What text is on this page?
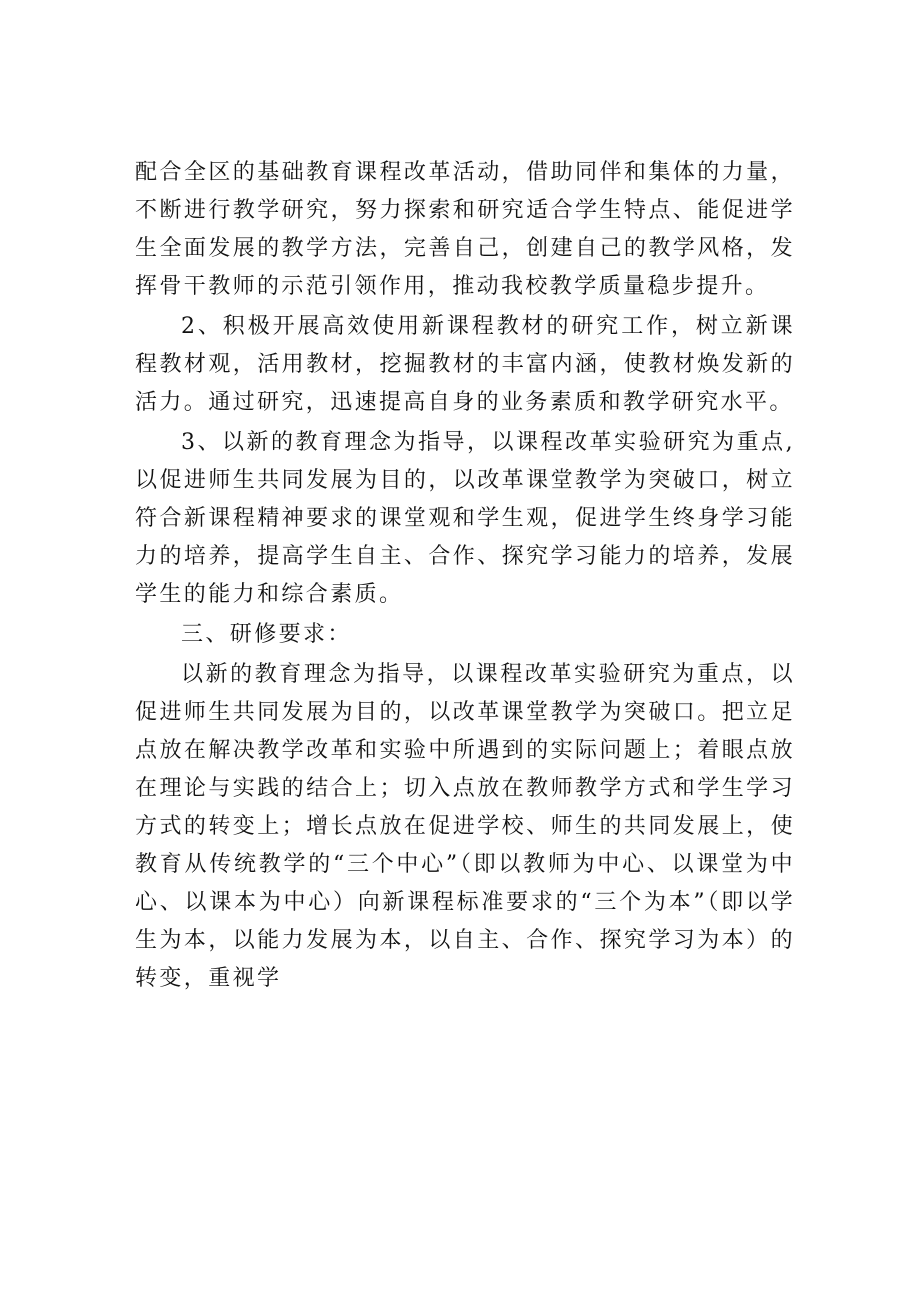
配合全区的基础教育课程改革活动，借助同伴和集体的力量，不断进行教学研究，努力探索和研究适合学生特点、能促进学生全面发展的教学方法，完善自己，创建自己的教学风格，发挥骨干教师的示范引领作用，推动我校教学质量稳步提升。

2、积极开展高效使用新课程教材的研究工作，树立新课程教材观，活用教材，挖掘教材的丰富内涵，使教材焕发新的活力。通过研究，迅速提高自身的业务素质和教学研究水平。

3、以新的教育理念为指导，以课程改革实验研究为重点,以促进师生共同发展为目的，以改革课堂教学为突破口，树立符合新课程精神要求的课堂观和学生观，促进学生终身学习能力的培养，提高学生自主、合作、探究学习能力的培养，发展学生的能力和综合素质。

三、研修要求：

以新的教育理念为指导，以课程改革实验研究为重点，以促进师生共同发展为目的，以改革课堂教学为突破口。把立足点放在解决教学改革和实验中所遇到的实际问题上；着眼点放在理论与实践的结合上；切入点放在教师教学方式和学生学习方式的转变上；增长点放在促进学校、师生的共同发展上，使教育从传统教学的“三个中心”（即以教师为中心、以课堂为中心、以课本为中心）向新课程标准要求的“三个为本”（即以学生为本，以能力发展为本，以自主、合作、探究学习为本）的转变，重视学
